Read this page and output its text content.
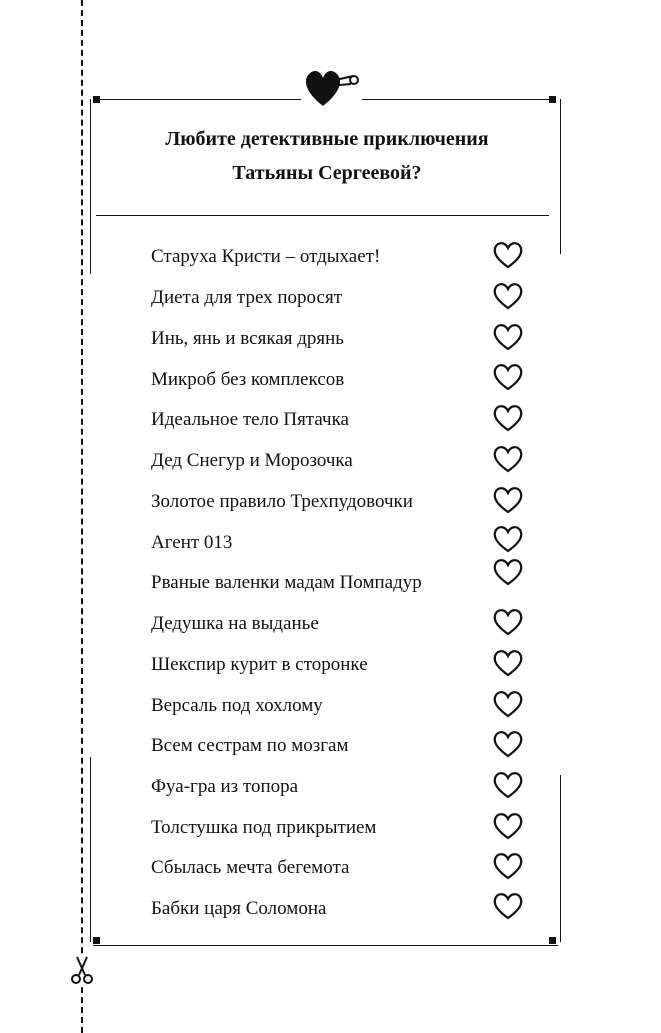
Любите детективные приключения
Татьяны Сергеевой?
Старуха Кристи – отдыхает!
Диета для трех поросят
Инь, янь и всякая дрянь
Микроб без комплексов
Идеальное тело Пятачка
Дед Снегур и Морозочка
Золотое правило Трехпудовочки
Агент 013
Рваные валенки мадам Помпадур
Дедушка на выданье
Шекспир курит в сторонке
Версаль под хохлому
Всем сестрам по мозгам
Фуа-гра из топора
Толстушка под прикрытием
Сбылась мечта бегемота
Бабки царя Соломона
